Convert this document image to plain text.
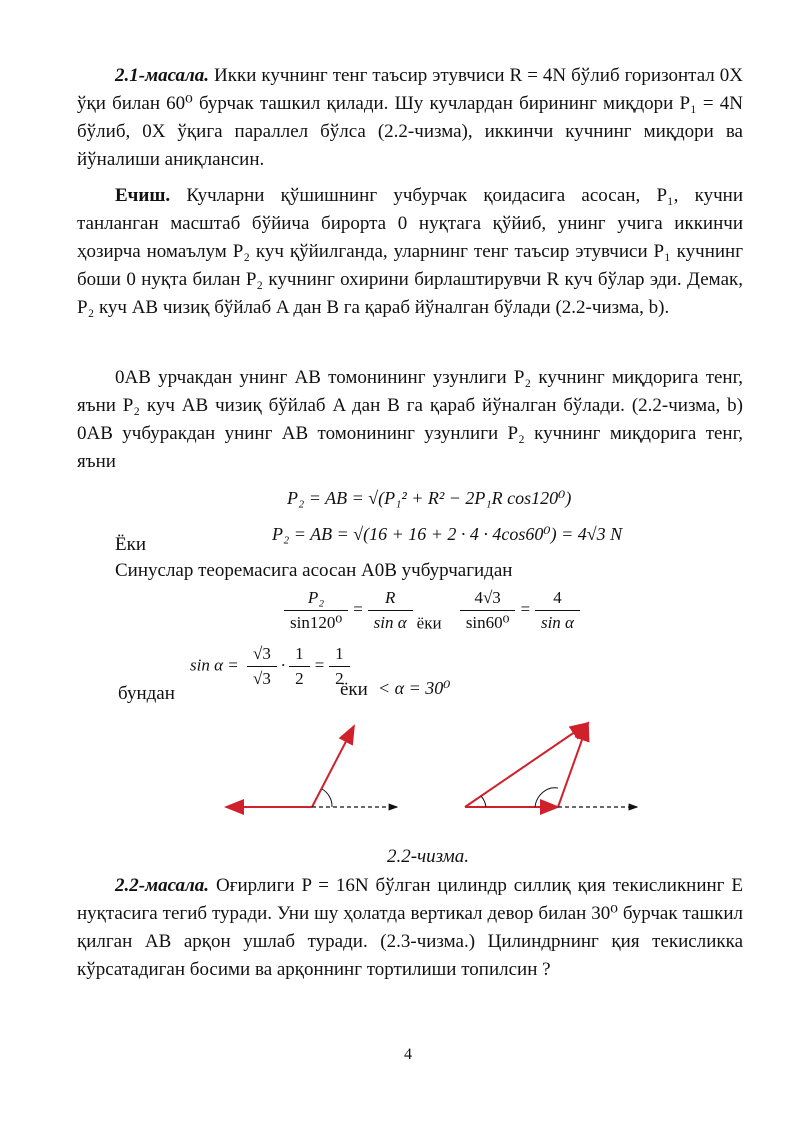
2.1-масала. Икки кучнинг тенг таъсир этувчиси R = 4N бўлиб горизонтал 0X ўқи билан 60⁰ бурчак ташкил қилади. Шу кучлардан бирининг миқдори P₁ = 4N бўлиб, 0X ўқига параллел бўлса (2.2-чизма), иккинчи кучнинг миқдори ва йўналиши аниқлансин.
Ечиш. Кучларни қўшишнинг учбурчак қоидасига асосан, P₁, кучни танланган масштаб бўйича бирорта 0 нуқтага қўйиб, унинг учига иккинчи ҳозирча номаълум P₂ куч қўйилганда, уларнинг тенг таъсир этувчиси P₁ кучнинг боши 0 нуқта билан P₂ кучнинг охирини бирлаштирувчи R куч бўлар эди. Демак, P₂ куч AB чизиқ бўйлаб A дан B га қараб йўналган бўлади (2.2-чизма, b).
0AB урчакдан унинг AB томонининг узунлиги P₂ кучнинг миқдорига тенг, яъни P₂ куч AB чизиқ бўйлаб A дан B га қараб йўналган бўлади. (2.2-чизма, b) 0AB учбуракдан унинг AB томонининг узунлиги P₂ кучнинг миқдорига тенг, яъни
P₂ = AB = √(P₁² + R² − 2P₁R cos120⁰)
Ёки	P₂ = AB = √(16 + 16 + 2 · 4 · 4cos60⁰) = 4√3 N
Синуслар теоремасига асосан A0B учбурчагидан
$\frac{\text{P₂}}{\text{sin120⁰}} = \frac{R}{\text{sin α}}$ ёки $\frac{4√3}{\text{sin60⁰}} = \frac{4}{\text{sin α}}$
$\sin \alpha = \frac{√3}{√3} \cdot \frac{1}{2} = \frac{1}{2}$
бундан	ёки < α = 30⁰
2.2-чизма.
2.2-масала. Оғирлиги P = 16N бўлган цилиндр силлиқ қия текисликнинг E нуқтасига тегиб туради. Уни шу ҳолатда вертикал девор билан 30⁰ бурчак ташкил қилган AB арқон ушлаб туради. (2.3-чизма.) Цилиндрнинг қия текисликка кўрсатадиган босими ва арқоннинг тортилиши топилсин ?
4
